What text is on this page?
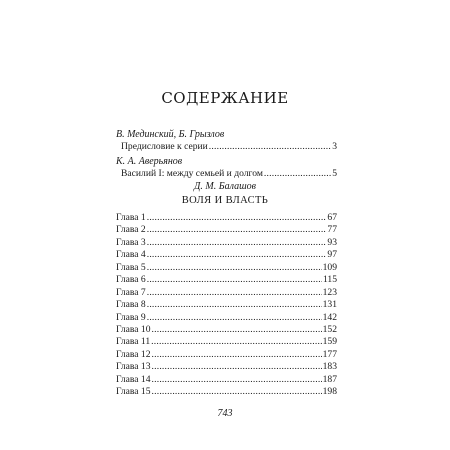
СОДЕРЖАНИЕ
В. Мединский, Б. Грызлов
Предисловие к серии .....	3
К. А. Аверьянов
Василий I: между семьей и долгом .....	5
Д. М. Балашов
ВОЛЯ И ВЛАСТЬ
Глава 1 .....	67
Глава 2 .....	77
Глава 3 .....	93
Глава 4 .....	97
Глава 5 .....	109
Глава 6 .....	115
Глава 7 .....	123
Глава 8 .....	131
Глава 9 .....	142
Глава 10 .....	152
Глава 11 .....	159
Глава 12 .....	177
Глава 13 .....	183
Глава 14 .....	187
Глава 15 .....	198
743
